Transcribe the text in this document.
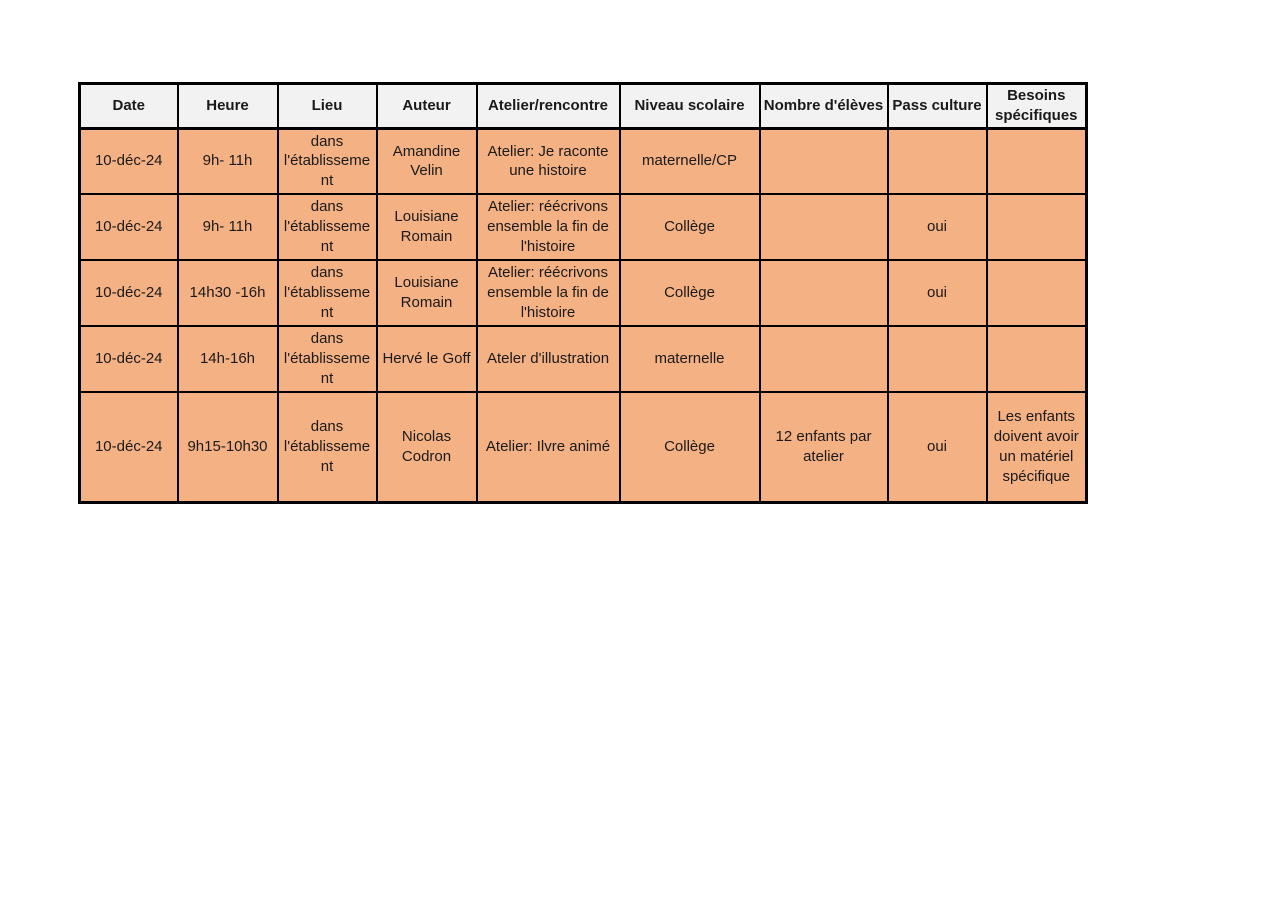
Date	Heure	Lieu	Auteur	Atelier/rencontre	Niveau scolaire	Nombre d'élèves	Pass culture	Besoins spécifiques
10-déc-24	9h- 11h	dans l'établissement	Amandine Velin	Atelier: Je raconte une histoire	maternelle/CP			
10-déc-24	9h- 11h	dans l'établissement	Louisiane Romain	Atelier: réécrivons ensemble la fin de l'histoire	Collège		oui	
10-déc-24	14h30 -16h	dans l'établissement	Louisiane Romain	Atelier: réécrivons ensemble la fin de l'histoire	Collège		oui	
10-déc-24	14h-16h	dans l'établissement	Hervé le Goff	Ateler d'illustration	maternelle			
10-déc-24	9h15-10h30	dans l'établissement	Nicolas Codron	Atelier: Ilvre animé	Collège	12 enfants par atelier	oui	Les enfants doivent avoir un matériel spécifique
